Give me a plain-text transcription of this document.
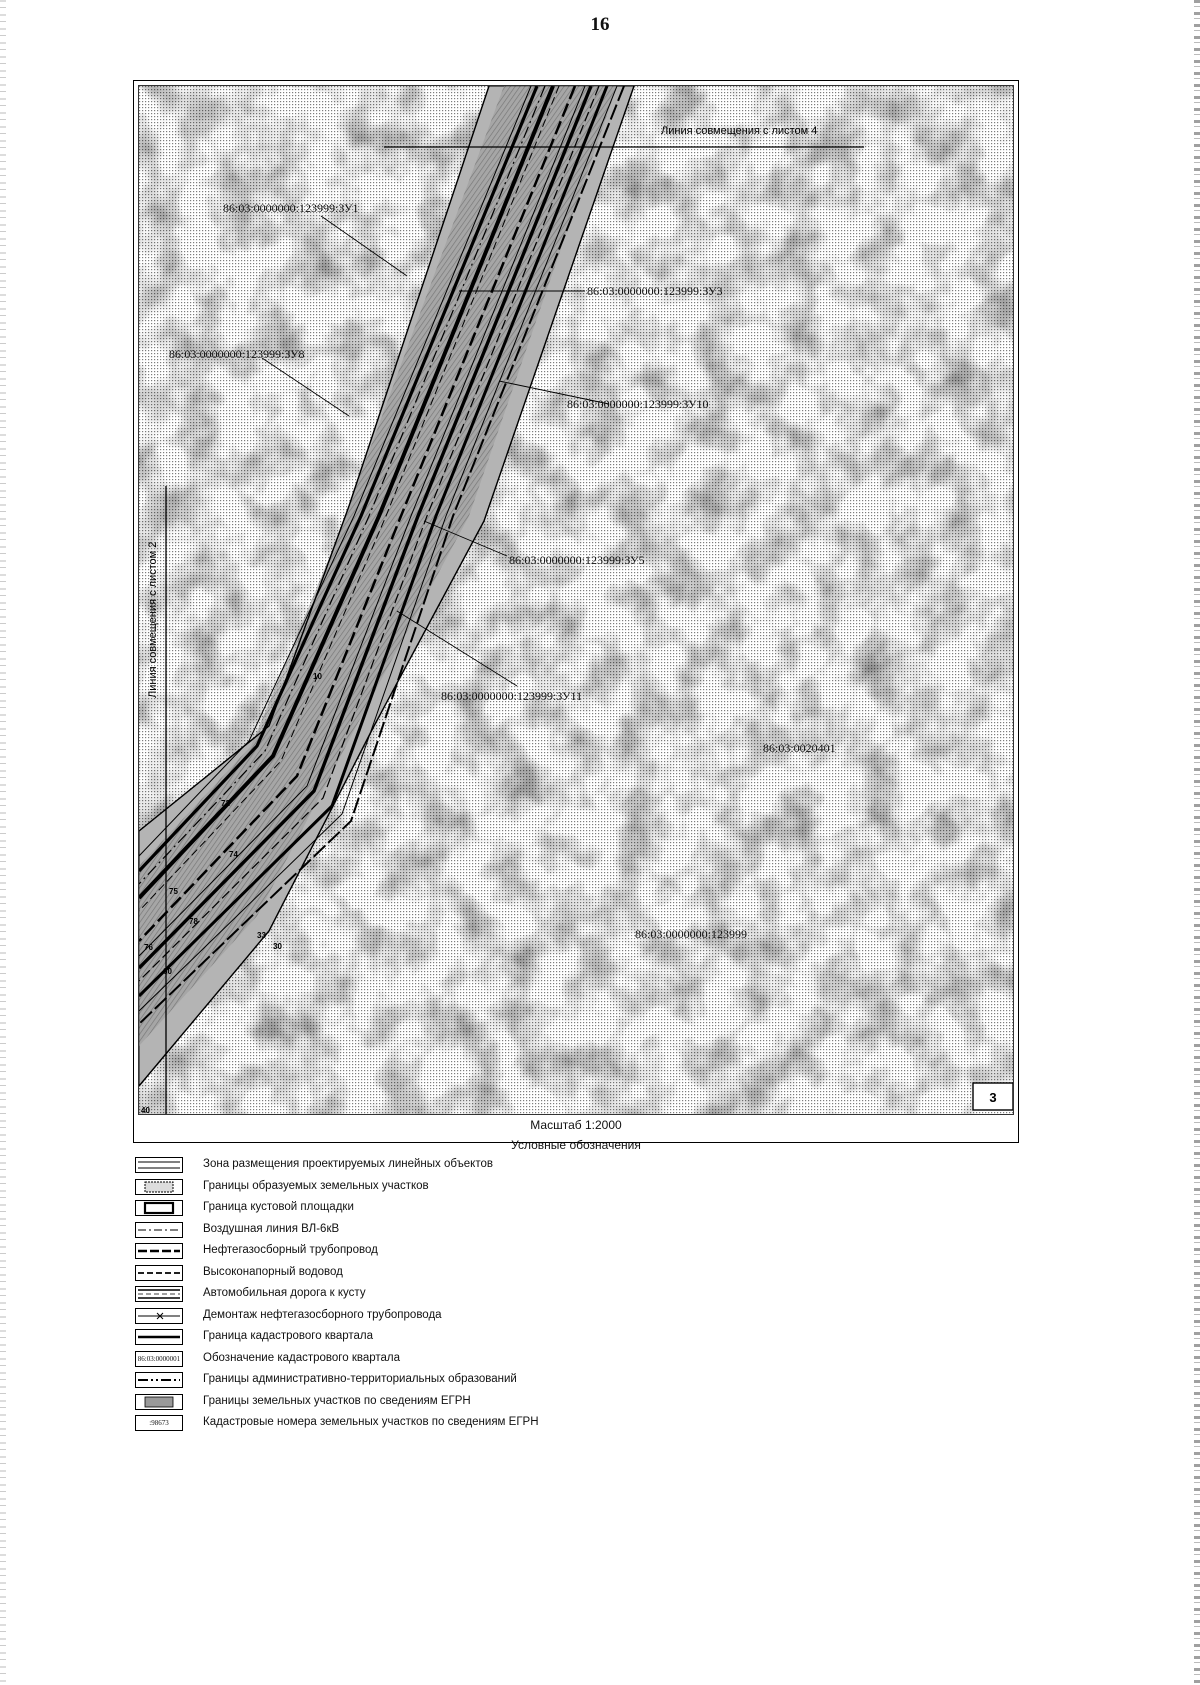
16
Линия совмещения с листом 4
Линия совмещения с листом 2
86:03:0000000:123999:ЗУ1
86:03:0000000:123999:ЗУ3
86:03:0000000:123999:ЗУ8
86:03:0000000:123999:ЗУ10
86:03:0000000:123999:ЗУ5
86:03:0000000:123999:ЗУ11
86:03:0020401
86:03:0000000:123999
10
72
74
75
76
78
33
30
60
40
3
Масштаб 1:2000
Условные обозначения
Зона размещения проектируемых линейных объектов
Границы образуемых земельных участков
Граница кустовой площадки
Воздушная линия ВЛ-6кВ
Нефтегазосборный трубопровод
Высоконапорный водовод
Автомобильная дорога к кусту
Демонтаж нефтегазосборного трубопровода
Граница кадастрового квартала
86:03:0000001 Обозначение кадастрового квартала
Границы административно-территориальных образований
Границы земельных участков по сведениям ЕГРН
:98673	Кадастровые номера земельных участков по сведениям ЕГРН
